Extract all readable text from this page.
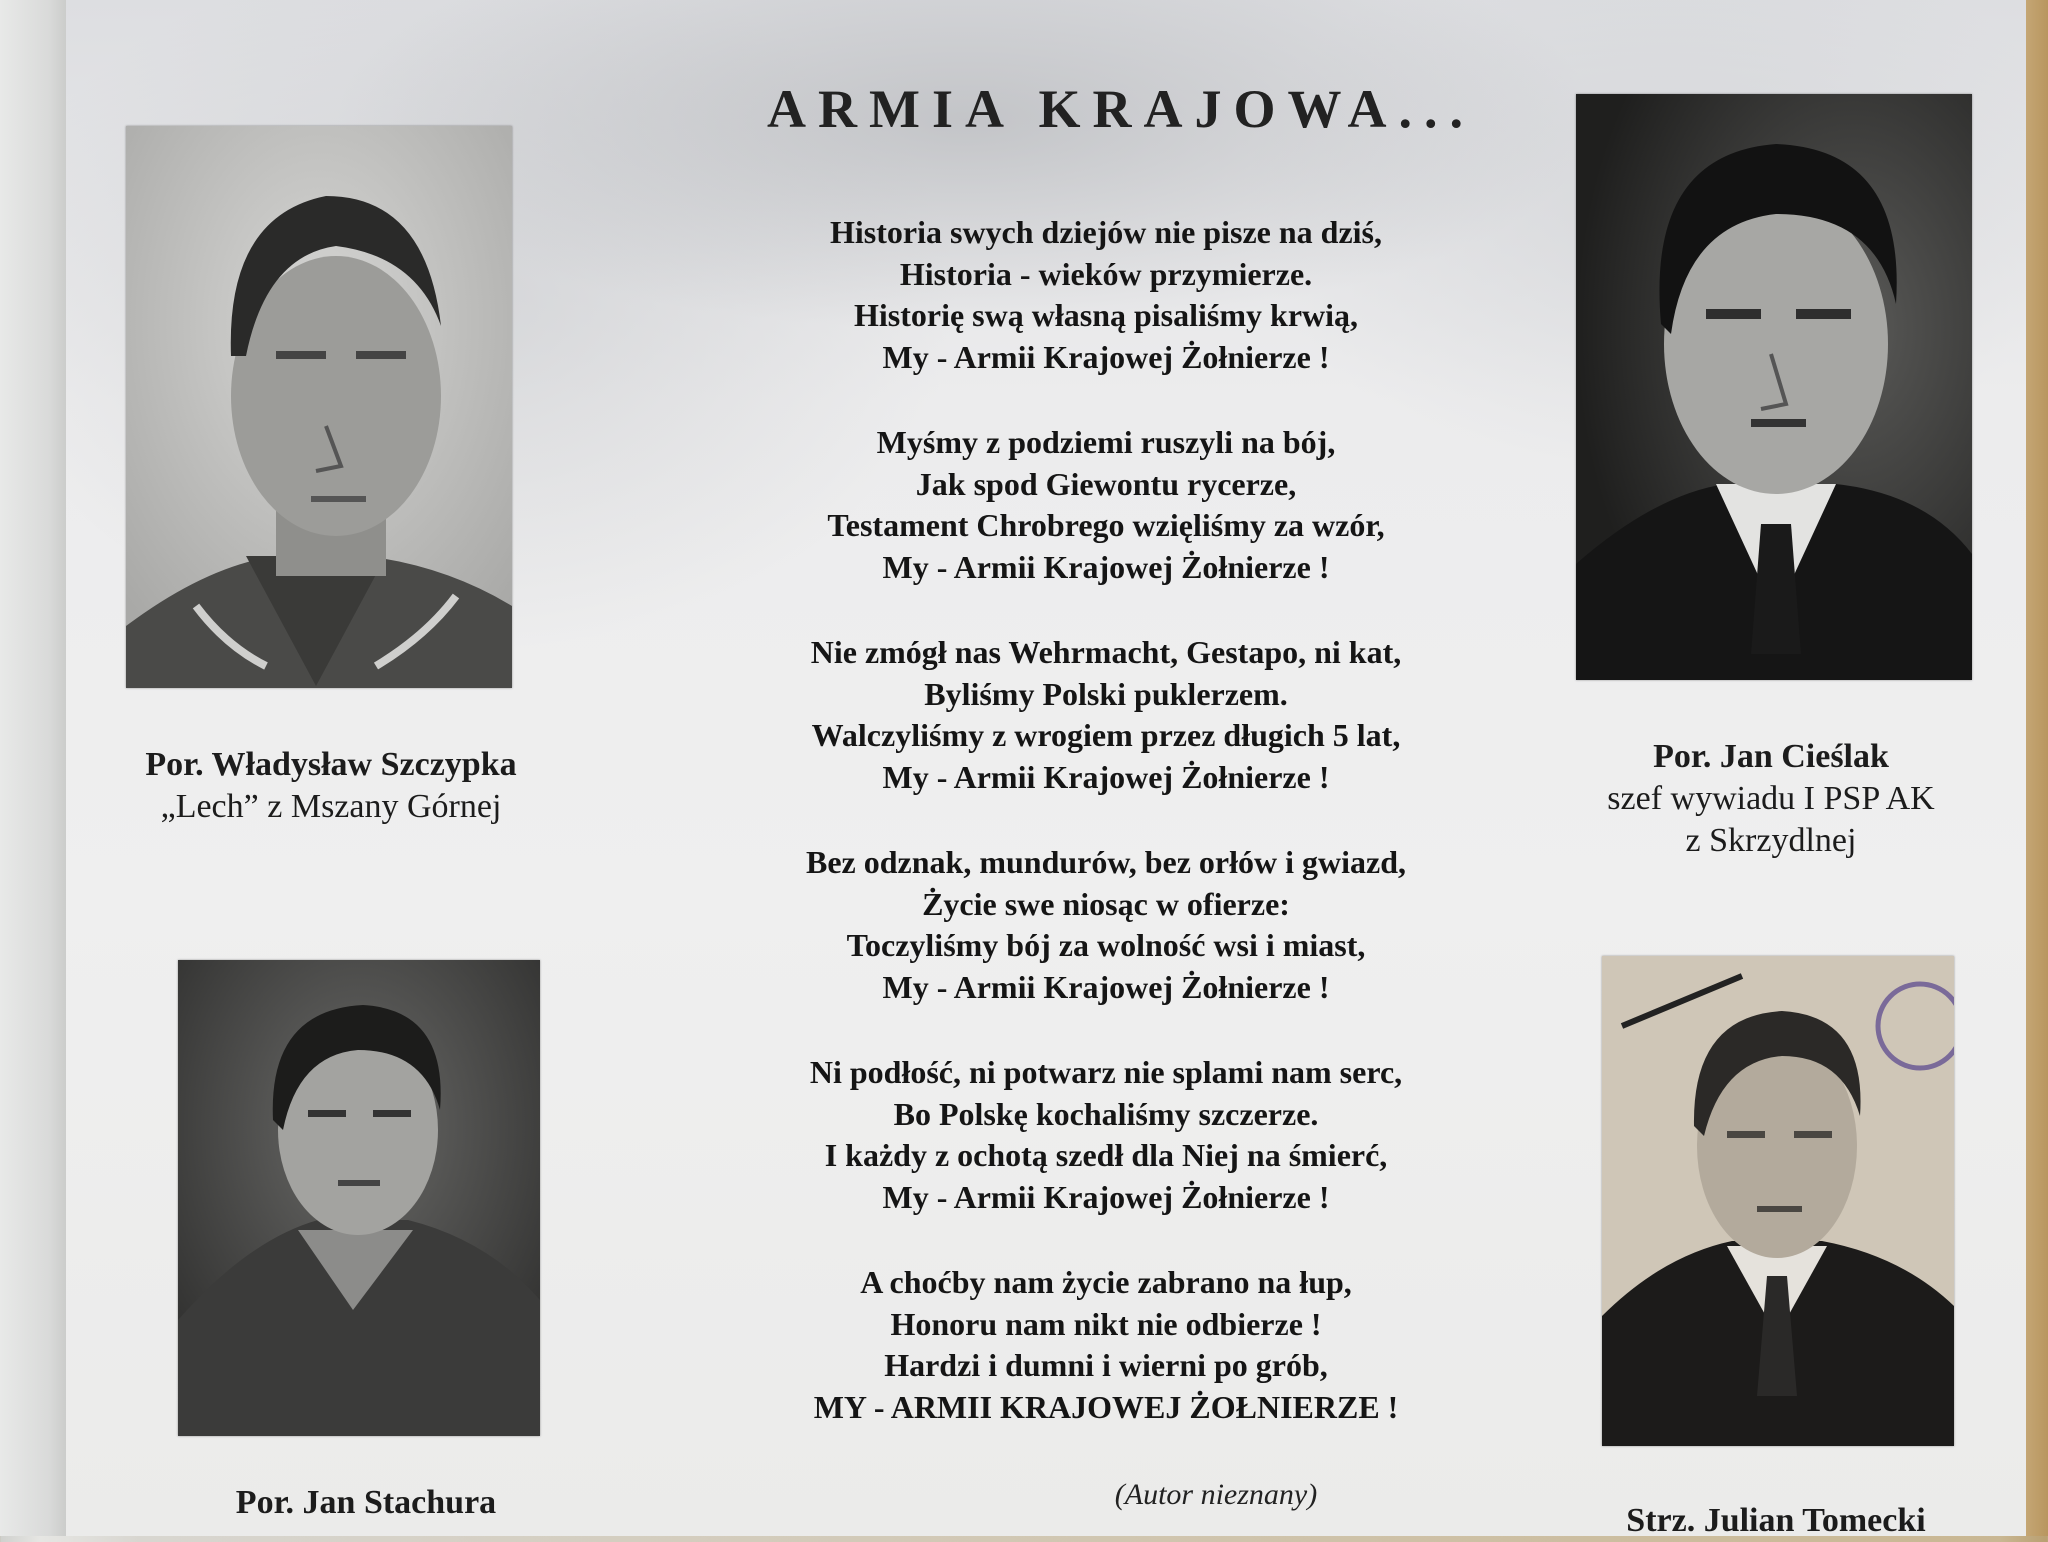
ARMIA KRAJOWA...
Historia swych dziejów nie pisze na dziś,
Historia - wieków przymierze.
Historię swą własną pisaliśmy krwią,
My - Armii Krajowej Żołnierze !
Myśmy z podziemi ruszyli na bój,
Jak spod Giewontu rycerze,
Testament Chrobrego wzięliśmy za wzór,
My - Armii Krajowej Żołnierze !
Nie zmógł nas Wehrmacht, Gestapo, ni kat,
Byliśmy Polski puklerzem.
Walczyliśmy z wrogiem przez długich 5 lat,
My - Armii Krajowej Żołnierze !
Bez odznak, mundurów, bez orłów i gwiazd,
Życie swe niosąc w ofierze:
Toczyliśmy bój za wolność wsi i miast,
My - Armii Krajowej Żołnierze !
Ni podłość, ni potwarz nie splami nam serc,
Bo Polskę kochaliśmy szczerze.
I każdy z ochotą szedł dla Niej na śmierć,
My - Armii Krajowej Żołnierze !
A choćby nam życie zabrano na łup,
Honoru nam nikt nie odbierze !
Hardzi i dumni i wierni po grób,
MY - ARMII KRAJOWEJ ŻOŁNIERZE !
(Autor nieznany)
Por. Władysław Szczypka
„Lech” z Mszany Górnej
Por. Jan Cieślak
szef wywiadu I PSP AK
z Skrzydlnej
Por. Jan Stachura	Strz. Julian Tomecki
